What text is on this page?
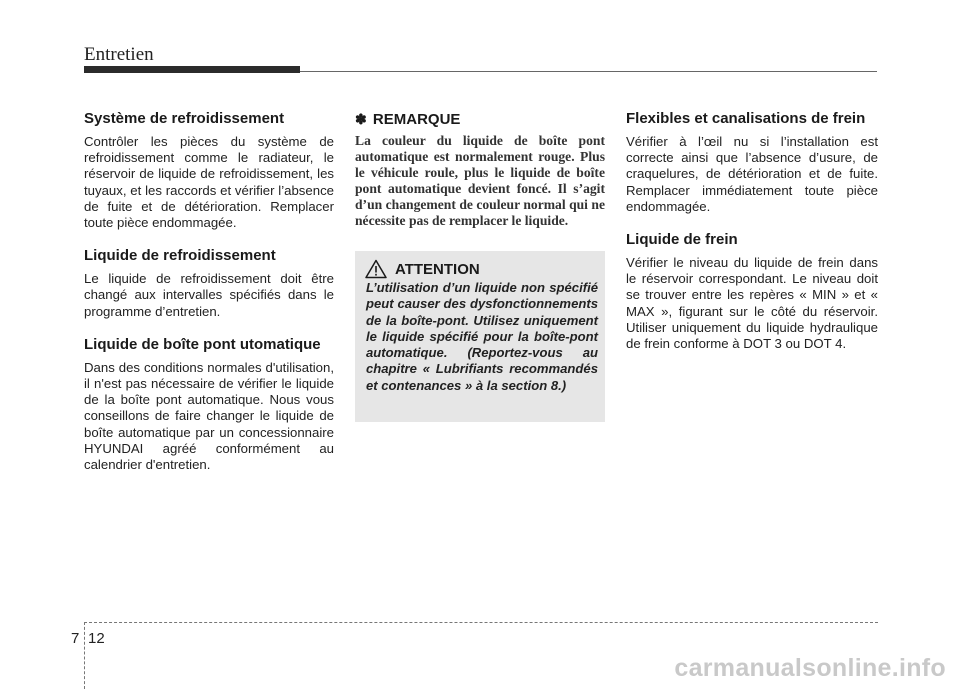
Entretien
Système de refroidissement

Contrôler les pièces du système de refroidissement comme le radiateur, le réservoir de liquide de refroidissement, les tuyaux, et les raccords et vérifier l’absence de fuite et de détérioration. Remplacer toute pièce endommagée.

Liquide de refroidissement

Le liquide de refroidissement doit être changé aux intervalles spécifiés dans le programme d’entretien.

Liquide de boîte pont utomatique

Dans des conditions normales d'utilisation, il n'est pas nécessaire de vérifier le liquide de la boîte pont automatique. Nous vous conseillons de faire changer le liquide de boîte automatique par un concessionnaire HYUNDAI agréé conformément au calendrier d'entretien.

✽ REMARQUE

La couleur du liquide de boîte pont automatique est normalement rouge. Plus le véhicule roule, plus le liquide de boîte pont automatique devient foncé. Il s’agit d’un changement de couleur normal qui ne nécessite pas de remplacer le liquide.

ATTENTION

L’utilisation d’un liquide non spécifié peut causer des dysfonctionnements de la boîte-pont. Utilisez uniquement le liquide spécifié pour la boîte-pont automatique. (Reportez-vous au chapitre « Lubrifiants recommandés et contenances » à la section 8.)

Flexibles et canalisations de frein

Vérifier à l’œil nu si l’installation est correcte ainsi que l’absence d’usure, de craquelures, de détérioration et de fuite. Remplacer immédiatement toute pièce endommagée.

Liquide de frein

Vérifier le niveau du liquide de frein dans le réservoir correspondant. Le niveau doit se trouver entre les repères « MIN » et « MAX », figurant sur le côté du réservoir. Utiliser uniquement du liquide hydraulique de frein conforme à DOT 3 ou DOT 4.

7 12
carmanualsonline.info
